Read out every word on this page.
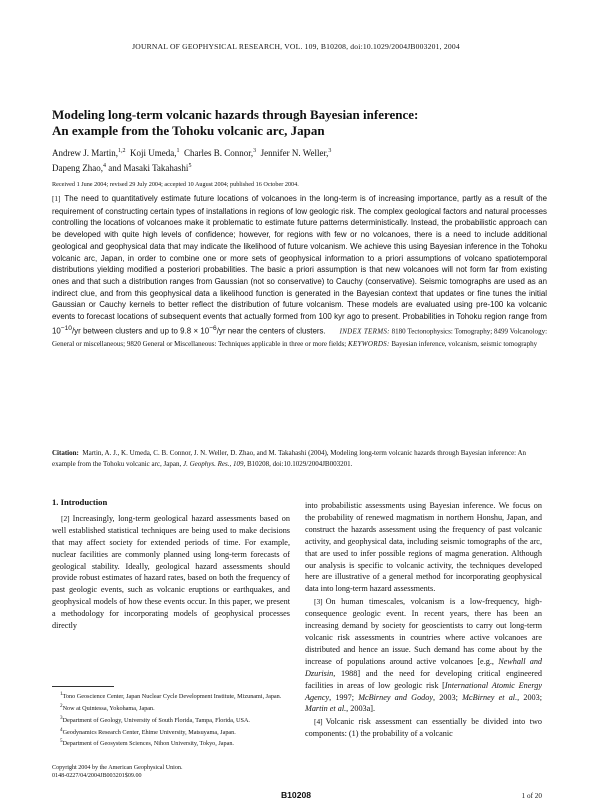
JOURNAL OF GEOPHYSICAL RESEARCH, VOL. 109, B10208, doi:10.1029/2004JB003201, 2004
Modeling long-term volcanic hazards through Bayesian inference:
An example from the Tohoku volcanic arc, Japan
Andrew J. Martin,$^{1,2}$ Koji Umeda,$^1$ Charles B. Connor,$^3$ Jennifer N. Weller,$^3$
Dapeng Zhao,$^4$ and Masaki Takahashi$^5$
Received 1 June 2004; revised 29 July 2004; accepted 10 August 2004; published 16 October 2004.
[1] The need to quantitatively estimate future locations of volcanoes in the long-term is of increasing importance, partly as a result of the requirement of constructing certain types of installations in regions of low geologic risk. The complex geological factors and natural processes controlling the locations of volcanoes make it problematic to estimate future patterns deterministically. Instead, the probabilistic approach can be developed with quite high levels of confidence; however, for regions with few or no volcanoes, there is a need to include additional geological and geophysical data that may indicate the likelihood of future volcanism. We achieve this using Bayesian inference in the Tohoku volcanic arc, Japan, in order to combine one or more sets of geophysical information to a priori assumptions of volcano spatiotemporal distributions yielding modified a posteriori probabilities. The basic a priori assumption is that new volcanoes will not form far from existing ones and that such a distribution ranges from Gaussian (not so conservative) to Cauchy (conservative). Seismic tomographs are used as an indirect clue, and from this geophysical data a likelihood function is generated in the Bayesian context that updates or fine tunes the initial Gaussian or Cauchy kernels to better reflect the distribution of future volcanism. These models are evaluated using pre-100 ka volcanic events to forecast locations of subsequent events that actually formed from 100 kyr ago to present. Probabilities in Tohoku region range from $10^{-10}/yr$ between clusters and up to $9.8 \times 10^{-6}/yr$ near the centers of clusters. INDEX TERMS: 8180 Tectonophysics: Tomography; 8499 Volcanology: General or miscellaneous; 9820 General or Miscellaneous: Techniques applicable in three or more fields; KEYWORDS: Bayesian inference, volcanism, seismic tomography
Citation: Martin, A. J., K. Umeda, C. B. Connor, J. N. Weller, D. Zhao, and M. Takahashi (2004), Modeling long-term volcanic hazards through Bayesian inference: An example from the Tohoku volcanic arc, Japan, J. Geophys. Res., 109, B10208, doi:10.1029/2004JB003201.
1. Introduction

[2] Increasingly, long-term geological hazard assessments based on well established statistical techniques are being used to make decisions that may affect society for extended periods of time. For example, nuclear facilities are commonly planned using long-term forecasts of geological stability. Ideally, geological hazard assessments should provide robust estimates of hazard rates, based on both the frequency of past geologic events, such as volcanic eruptions or earthquakes, and geophysical models of how these events occur. In this paper, we present a methodology for incorporating models of geophysical processes directly

into probabilistic assessments using Bayesian inference. We focus on the probability of renewed magmatism in northern Honshu, Japan, and construct the hazards assessment using the frequency of past volcanic activity, and geophysical data, including seismic tomographs of the arc, that are used to infer possible regions of magma generation. Although our analysis is specific to volcanic activity, the techniques developed here are illustrative of a general method for incorporating geophysical data into long-term hazard assessments.

[3] On human timescales, volcanism is a low-frequency, high-consequence geologic event. In recent years, there has been an increasing demand by society for geoscientists to carry out long-term volcanic risk assessments in countries where active volcanoes are distributed and hence an issue. Such demand has come about by the increase of populations around active volcanoes [e.g., Newhall and Dzurisin, 1988] and the need for developing critical engineered facilities in areas of low geologic risk [International Atomic Energy Agency, 1997; McBirney and Godoy, 2003; McBirney et al., 2003; Martin et al., 2003a].

[4] Volcanic risk assessment can essentially be divided into two components: (1) the probability of a volcanic

$^1$Tono Geoscience Center, Japan Nuclear Cycle Development Institute, Mizunami, Japan.
$^2$Now at Quintessa, Yokohama, Japan.
$^3$Department of Geology, University of South Florida, Tampa, Florida, USA.
$^4$Geodynamics Research Center, Ehime University, Matsuyama, Japan.
$^5$Department of Geosystem Sciences, Nihon University, Tokyo, Japan.
Copyright 2004 by the American Geophysical Union.
0148-0227/04/2004JB003201$09.00
B10208	1 of 20
